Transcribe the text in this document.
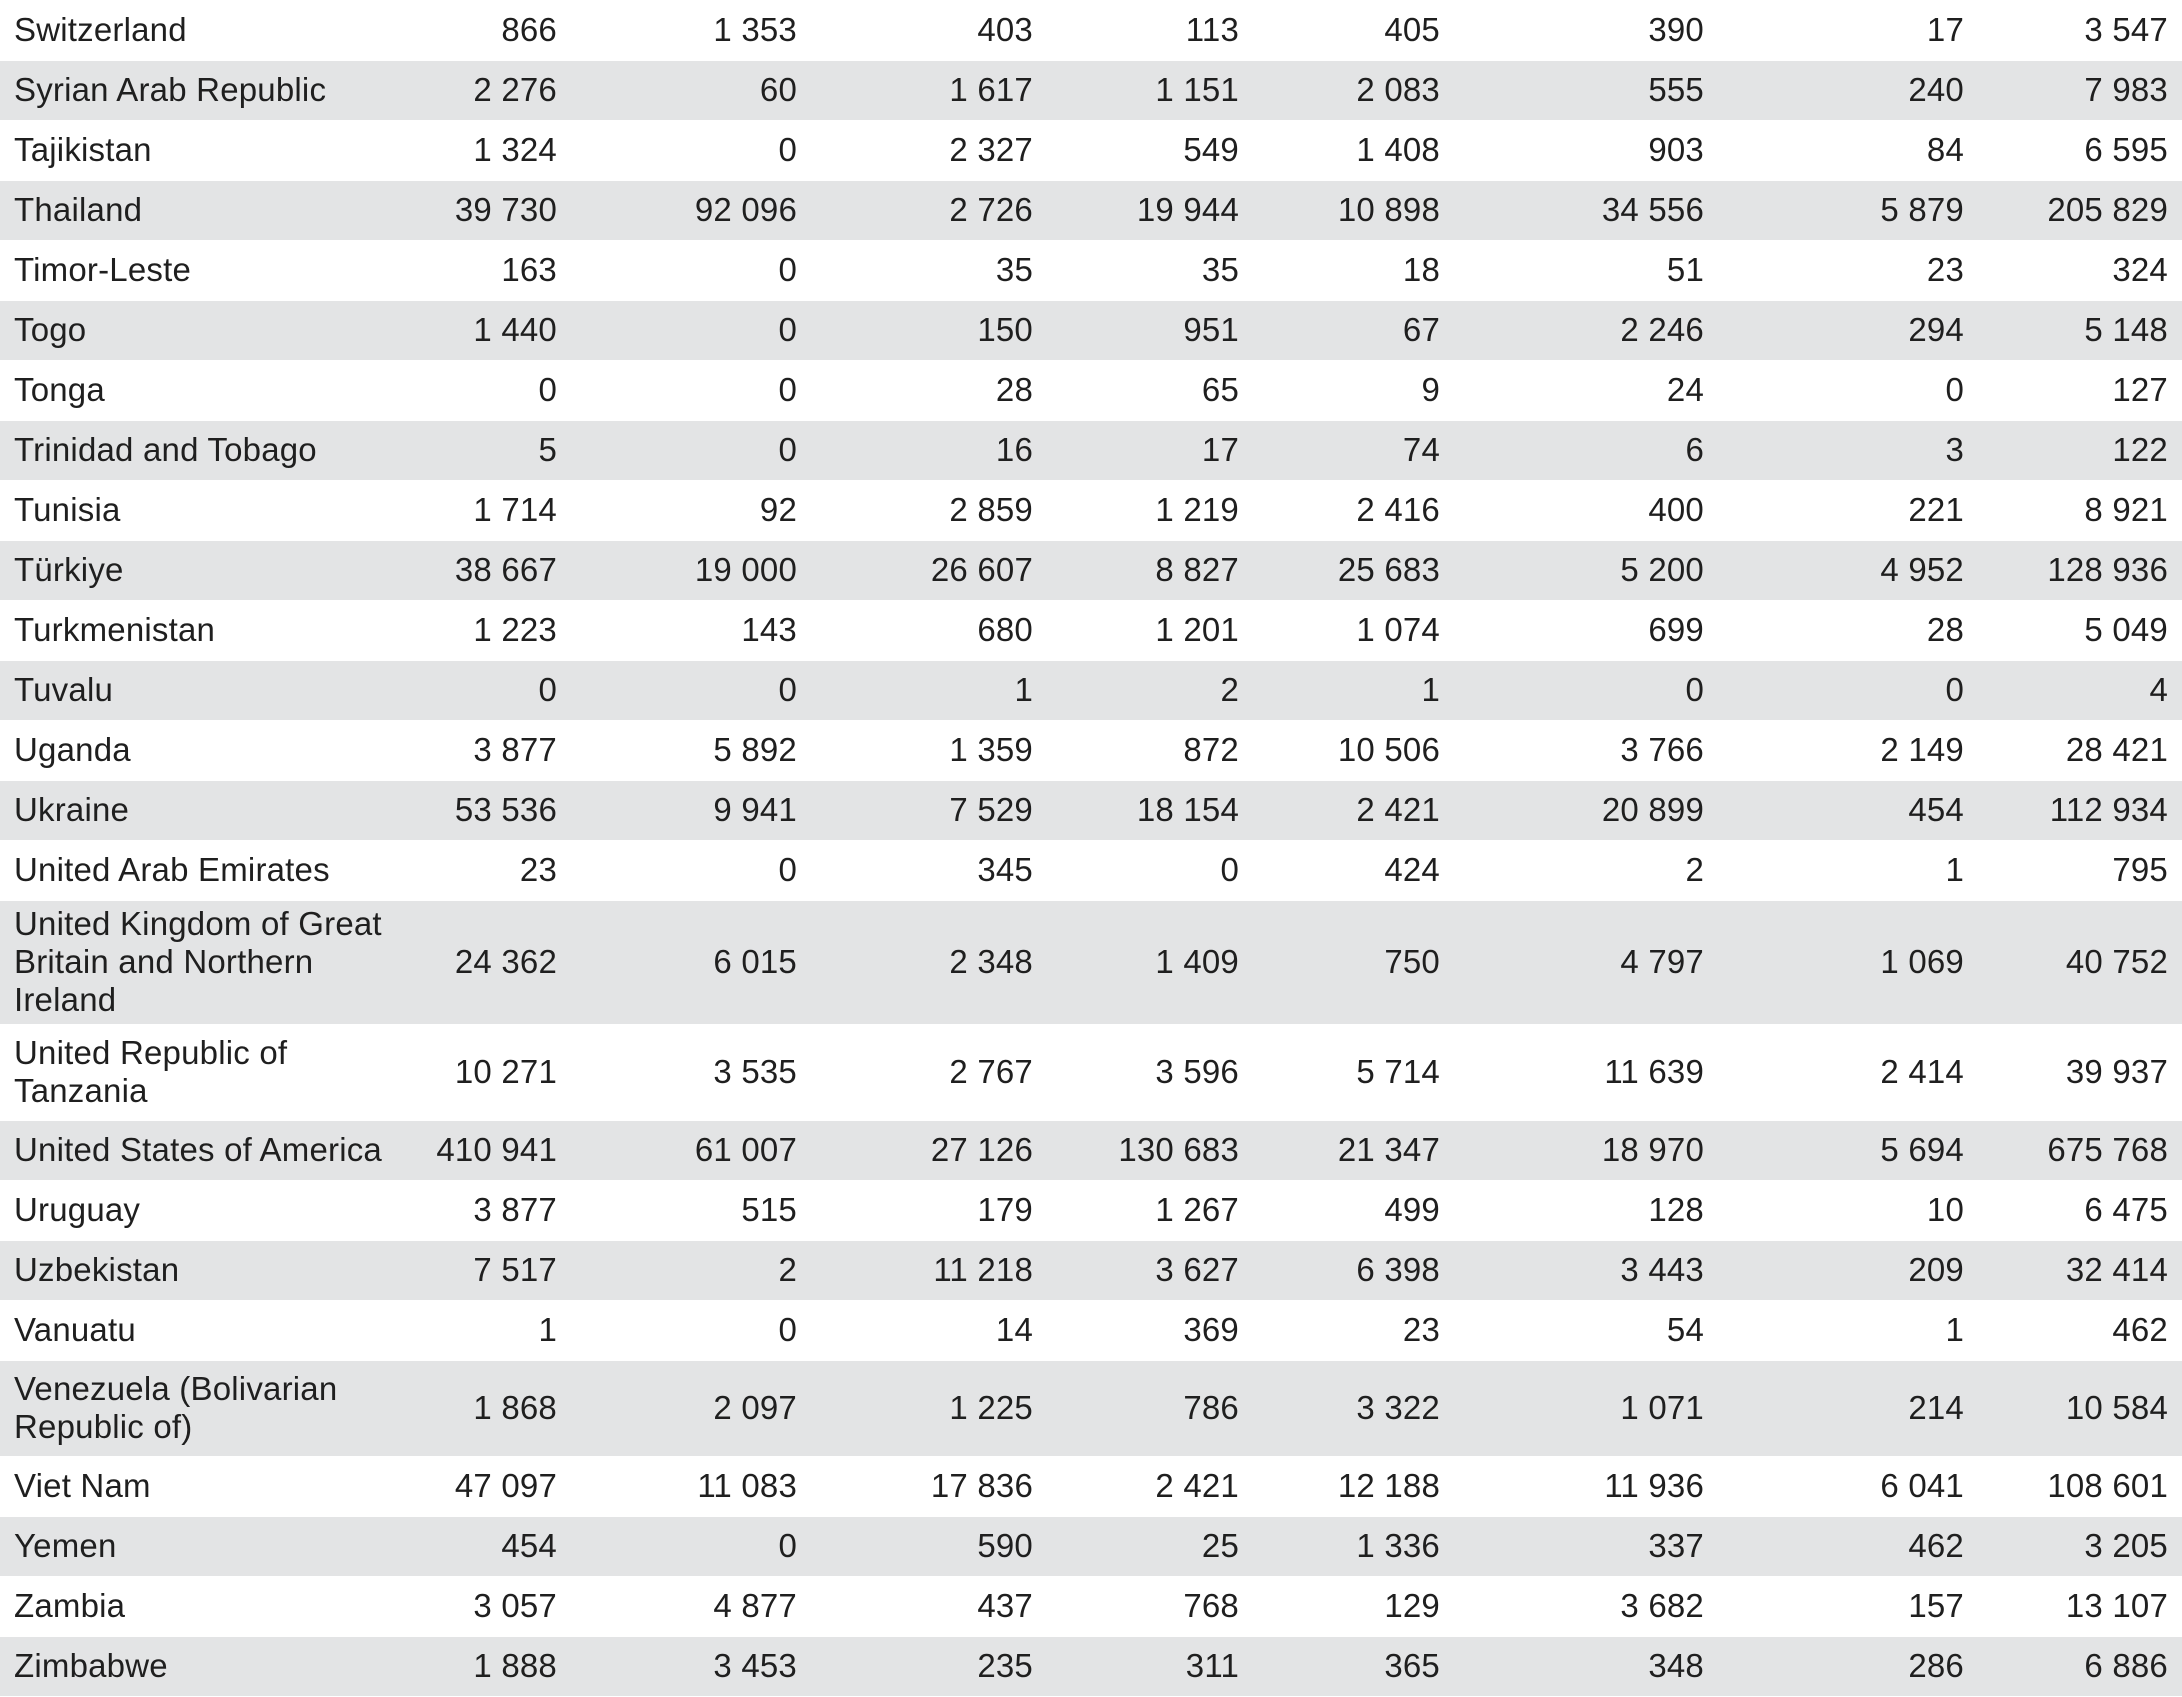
Switzerland	866	1 353	403	113	405	390	17	3 547
Syrian Arab Republic	2 276	60	1 617	1 151	2 083	555	240	7 983
Tajikistan	1 324	0	2 327	549	1 408	903	84	6 595
Thailand	39 730	92 096	2 726	19 944	10 898	34 556	5 879	205 829
Timor-Leste	163	0	35	35	18	51	23	324
Togo	1 440	0	150	951	67	2 246	294	5 148
Tonga	0	0	28	65	9	24	0	127
Trinidad and Tobago	5	0	16	17	74	6	3	122
Tunisia	1 714	92	2 859	1 219	2 416	400	221	8 921
Türkiye	38 667	19 000	26 607	8 827	25 683	5 200	4 952	128 936
Turkmenistan	1 223	143	680	1 201	1 074	699	28	5 049
Tuvalu	0	0	1	2	1	0	0	4
Uganda	3 877	5 892	1 359	872	10 506	3 766	2 149	28 421
Ukraine	53 536	9 941	7 529	18 154	2 421	20 899	454	112 934
United Arab Emirates	23	0	345	0	424	2	1	795
United Kingdom of Great Britain and Northern Ireland	24 362	6 015	2 348	1 409	750	4 797	1 069	40 752
United Republic of Tanzania	10 271	3 535	2 767	3 596	5 714	11 639	2 414	39 937
United States of America	410 941	61 007	27 126	130 683	21 347	18 970	5 694	675 768
Uruguay	3 877	515	179	1 267	499	128	10	6 475
Uzbekistan	7 517	2	11 218	3 627	6 398	3 443	209	32 414
Vanuatu	1	0	14	369	23	54	1	462
Venezuela (Bolivarian Republic of)	1 868	2 097	1 225	786	3 322	1 071	214	10 584
Viet Nam	47 097	11 083	17 836	2 421	12 188	11 936	6 041	108 601
Yemen	454	0	590	25	1 336	337	462	3 205
Zambia	3 057	4 877	437	768	129	3 682	157	13 107
Zimbabwe	1 888	3 453	235	311	365	348	286	6 886
